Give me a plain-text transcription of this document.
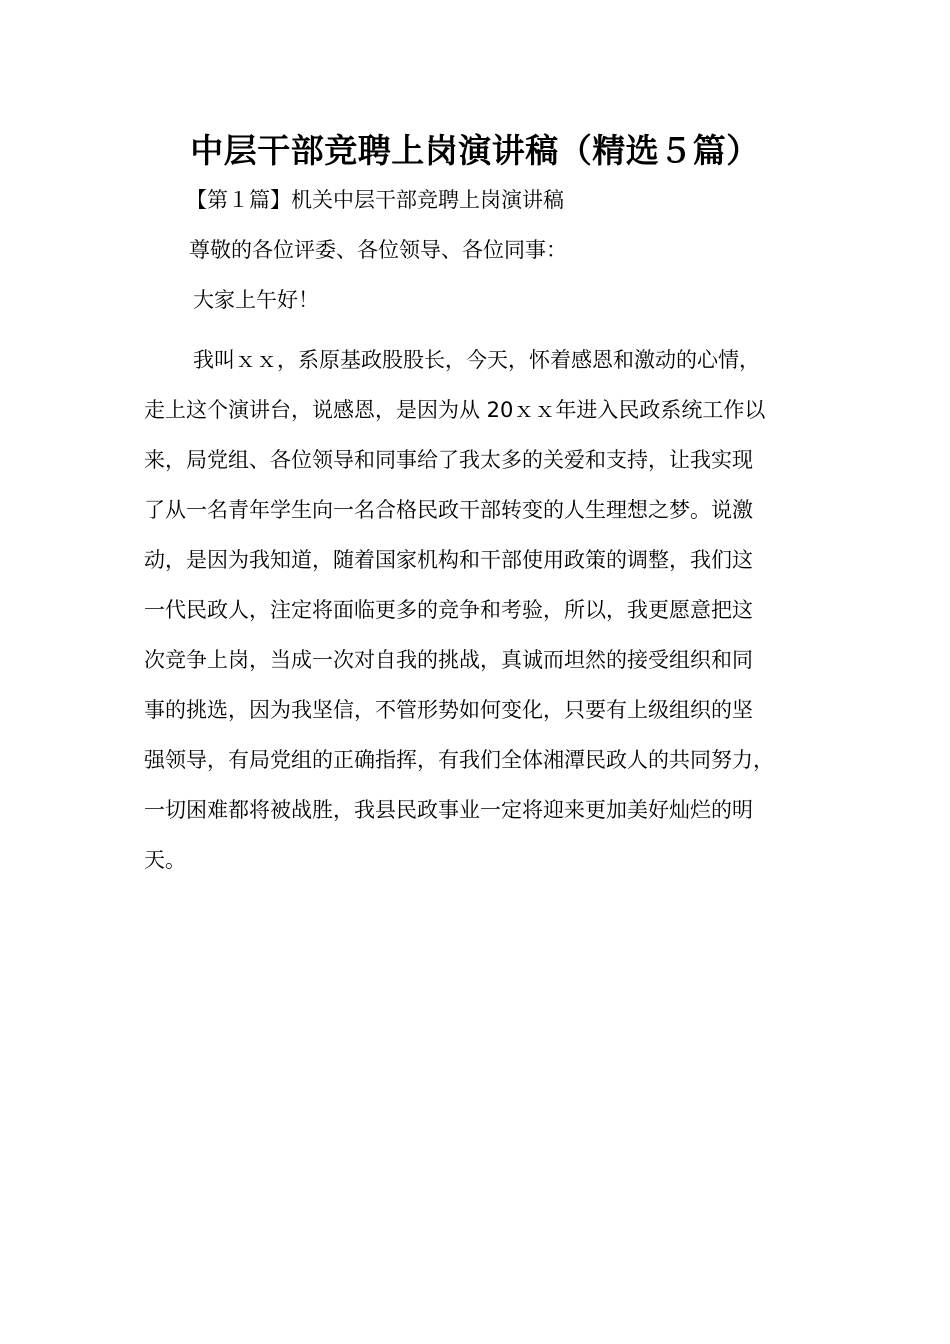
中层干部竞聘上岗演讲稿（精选５篇）
【第１篇】机关中层干部竞聘上岗演讲稿
尊敬的各位评委、各位领导、各位同事：
大家上午好！
我叫ｘｘ，系原基政股股长，今天，怀着感恩和激动的心情，
走上这个演讲台，说感恩，是因为从 20ｘｘ年进入民政系统工作以
来，局党组、各位领导和同事给了我太多的关爱和支持，让我实现
了从一名青年学生向一名合格民政干部转变的人生理想之梦。说激
动，是因为我知道，随着国家机构和干部使用政策的调整，我们这
一代民政人，注定将面临更多的竞争和考验，所以，我更愿意把这
次竞争上岗，当成一次对自我的挑战，真诚而坦然的接受组织和同
事的挑选，因为我坚信，不管形势如何变化，只要有上级组织的坚
强领导，有局党组的正确指挥，有我们全体湘潭民政人的共同努力，
一切困难都将被战胜，我县民政事业一定将迎来更加美好灿烂的明
天。
